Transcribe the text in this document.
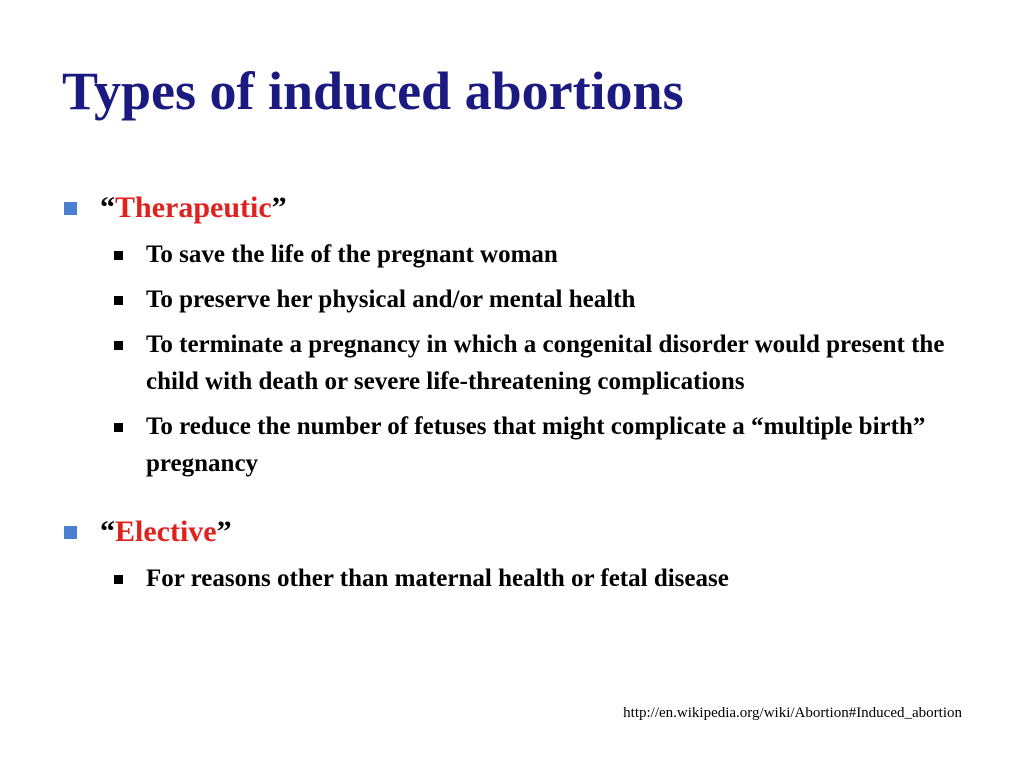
Types of induced abortions
“Therapeutic”
To save the life of the pregnant woman
To preserve her physical and/or mental health
To terminate a pregnancy in which a congenital disorder would present the child with death or severe life-threatening complications
To reduce the number of fetuses that might complicate a “multiple birth” pregnancy
“Elective”
For reasons other than maternal health or fetal disease
http://en.wikipedia.org/wiki/Abortion#Induced_abortion
